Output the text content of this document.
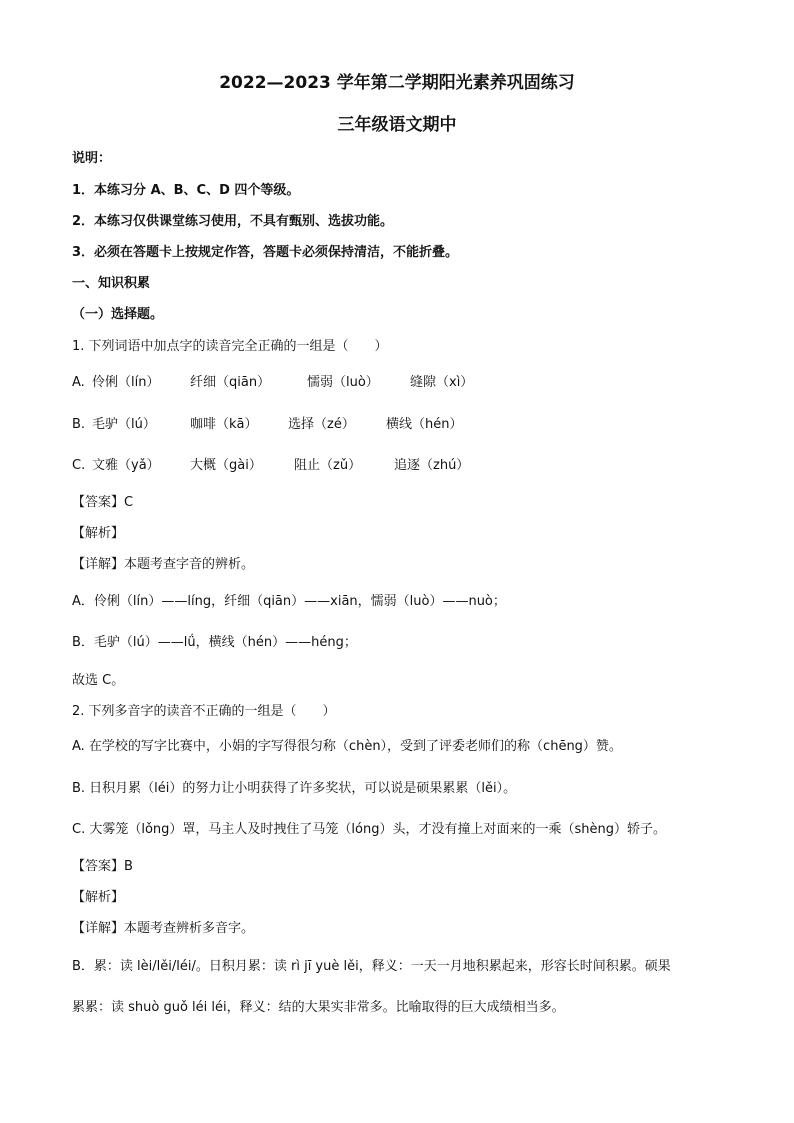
2022—2023 学年第二学期阳光素养巩固练习
三年级语文期中
说明：
1．本练习分 A、B、C、D 四个等级。
2．本练习仅供课堂练习使用，不具有甄别、选拔功能。
3．必须在答题卡上按规定作答，答题卡必须保持清洁，不能折叠。
一、知识积累
（一）选择题。
1. 下列词语中加点字的读音完全正确的一组是（　　）
A. 伶俐（lín） 纤细（qiān）	懦弱（luò） 缝隙（xì）
B. 毛驴（lú）	咖啡（kā） 选择（zé） 横线（hén）
C. 文雅（yǎ） 大概（gài） 阻止（zǔ）	追逐（zhú）
【答案】C
【解析】
【详解】本题考查字音的辨析。
A．伶俐（lín）——líng，纤细（qiān）——xiān，懦弱（luò）——nuò；
B．毛驴（lú）——lǘ，横线（hén）——héng；
故选 C。
2. 下列多音字的读音不正确的一组是（　　）
A. 在学校的写字比赛中，小娟的字写得很匀称（chèn），受到了评委老师们的称（chēng）赞。
B. 日积月累（léi）的努力让小明获得了许多奖状，可以说是硕果累累（lěi）。
C. 大雾笼（lǒng）罩，马主人及时拽住了马笼（lóng）头，才没有撞上对面来的一乘（shèng）轿子。
【答案】B
【解析】
【详解】本题考查辨析多音字。
B．累：读 lèi/lěi/léi/。日积月累：读 rì jī yuè lěi，释义：一天一月地积累起来，形容长时间积累。硕果
累累：读 shuò guǒ léi léi，释义：结的大果实非常多。比喻取得的巨大成绩相当多。
